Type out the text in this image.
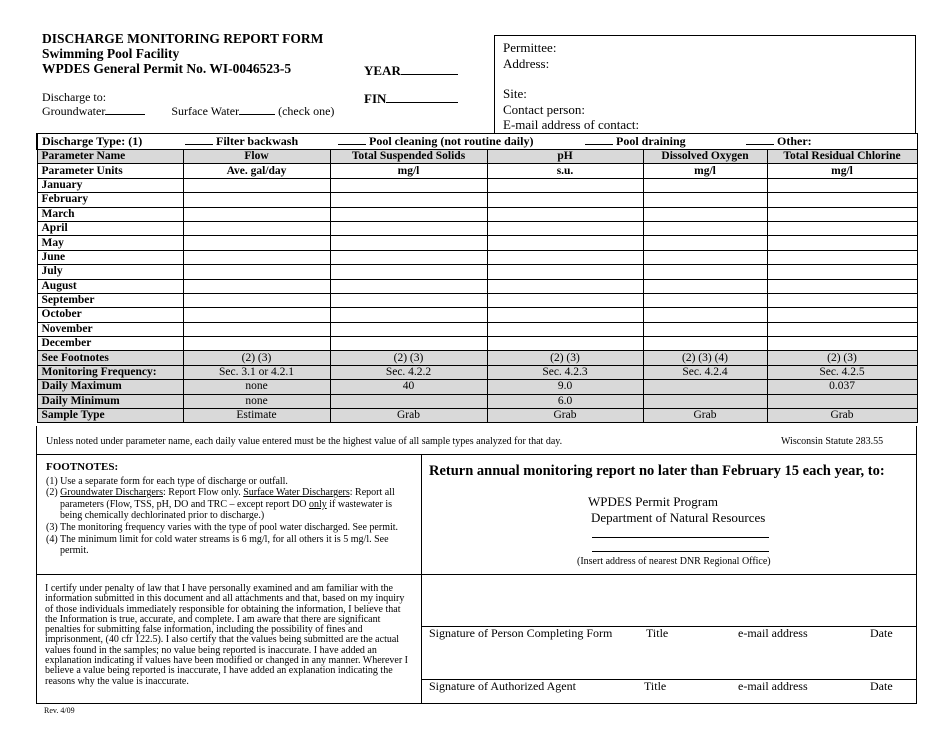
DISCHARGE MONITORING REPORT FORM
Swimming Pool Facility
WPDES General Permit No. WI-0046523-5	YEAR
FIN
Discharge to:
Groundwater	Surface Water	(check one)
Permittee:
Address:
Site:
Contact person:
E-mail address of contact:
Discharge Type: (1) Filter backwash Pool cleaning (not routine daily) Pool draining Other:					
Parameter Name	Flow	Total Suspended Solids	pH	Dissolved Oxygen	Total Residual Chlorine
Parameter Units	Ave. gal/day	mg/l	s.u.	mg/l	mg/l
January					
February					
March					
April					
May					
June					
July					
August					
September					
October					
November					
December					
See Footnotes	(2) (3)	(2) (3)	(2) (3)	(2) (3) (4)	(2) (3)
Monitoring Frequency:	Sec. 3.1 or 4.2.1	Sec. 4.2.2	Sec. 4.2.3	Sec. 4.2.4	Sec. 4.2.5
Daily Maximum	none	40	9.0		0.037
Daily Minimum	none		6.0		
Sample Type	Estimate	Grab	Grab	Grab	Grab
Unless noted under parameter name, each daily value entered must be the highest value of all sample types analyzed for that day.	Wisconsin Statute 283.55
FOOTNOTES:
(1) Use a separate form for each type of discharge or outfall.
(2) Groundwater Dischargers: Report Flow only. Surface Water Dischargers: Report all parameters (Flow, TSS, pH, DO and TRC – except report DO only if wastewater is being chemically dechlorinated prior to discharge.)
(3) The monitoring frequency varies with the type of pool water discharged. See permit.
(4) The minimum limit for cold water streams is 6 mg/l, for all others it is 5 mg/l. See permit.
Return annual monitoring report no later than February 15 each year, to:
WPDES Permit Program
Department of Natural Resources
(Insert address of nearest DNR Regional Office)
I certify under penalty of law that I have personally examined and am familiar with the information submitted in this document and all attachments and that, based on my inquiry of those individuals immediately responsible for obtaining the information, I believe that the Information is true, accurate, and complete. I am aware that there are significant penalties for submitting false information, including the possibility of fines and imprisonment, (40 cfr 122.5). I also certify that the values being submitted are the actual values found in the samples; no value being reported is inaccurate. I have added an explanation indicating if values have been modified or changed in any manner. Wherever I believe a value being reported is inaccurate, I have added an explanation indicating the reasons why the value is inaccurate.
Signature of Person Completing Form	Title	e-mail address	Date
Signature of Authorized Agent	Title	e-mail address	Date
Rev. 4/09
